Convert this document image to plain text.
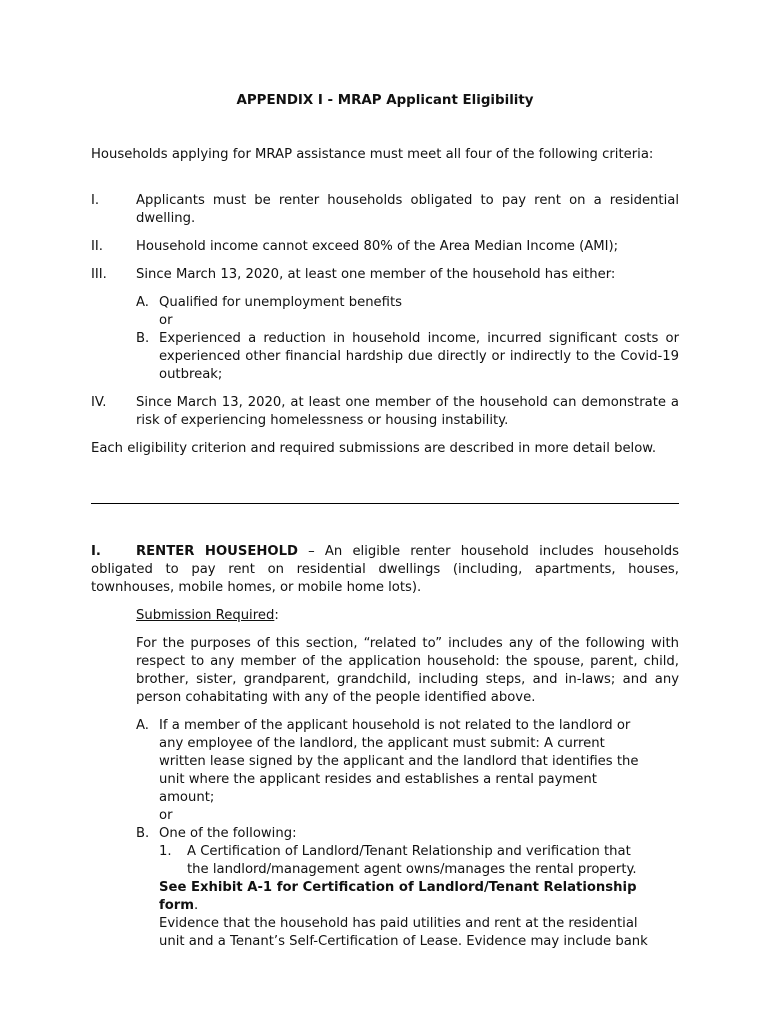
APPENDIX I - MRAP Applicant Eligibility
Households applying for MRAP assistance must meet all four of the following criteria:
I.	Applicants must be renter households obligated to pay rent on a residential dwelling.
II.	Household income cannot exceed 80% of the Area Median Income (AMI);
III. Since March 13, 2020, at least one member of the household has either:
A. Qualified for unemployment benefits
or
B. Experienced a reduction in household income, incurred significant costs or experienced other financial hardship due directly or indirectly to the Covid-19 outbreak;
IV. Since March 13, 2020, at least one member of the household can demonstrate a risk of experiencing homelessness or housing instability.
Each eligibility criterion and required submissions are described in more detail below.
I.	RENTER HOUSEHOLD – An eligible renter household includes households obligated to pay rent on residential dwellings (including, apartments, houses, townhouses, mobile homes, or mobile home lots).
Submission Required:
For the purposes of this section, “related to” includes any of the following with respect to any member of the application household: the spouse, parent, child, brother, sister, grandparent, grandchild, including steps, and in-laws; and any person cohabitating with any of the people identified above.
A. If a member of the applicant household is not related to the landlord or
any employee of the landlord, the applicant must submit: A current
written lease signed by the applicant and the landlord that identifies the
unit where the applicant resides and establishes a rental payment
amount;
or
B. One of the following:
1. A Certification of Landlord/Tenant Relationship and verification that
the landlord/management agent owns/manages the rental property.
See Exhibit A-1 for Certification of Landlord/Tenant Relationship
form.
Evidence that the household has paid utilities and rent at the residential
unit and a Tenant’s Self-Certification of Lease. Evidence may include bank
